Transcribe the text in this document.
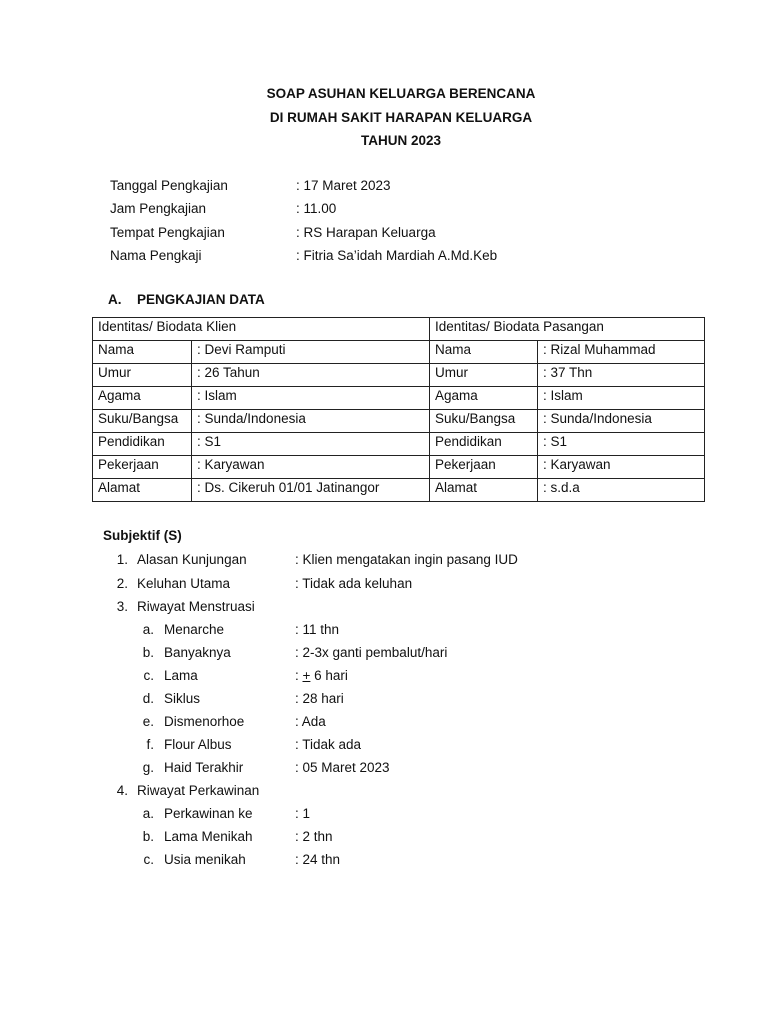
SOAP ASUHAN KELUARGA BERENCANA
DI RUMAH SAKIT HARAPAN KELUARGA
TAHUN 2023
Tanggal Pengkajian	: 17 Maret 2023
Jam Pengkajian	: 11.00
Tempat Pengkajian	: RS Harapan Keluarga
Nama Pengkaji	: Fitria Sa’idah Mardiah A.Md.Keb
A. PENGKAJIAN DATA
Identitas/ Biodata Klien		Identitas/ Biodata Pasangan	
Nama	: Devi Ramputi	Nama	: Rizal Muhammad
Umur	: 26 Tahun	Umur	: 37 Thn
Agama	: Islam	Agama	: Islam
Suku/Bangsa	: Sunda/Indonesia	Suku/Bangsa	: Sunda/Indonesia
Pendidikan	: S1	Pendidikan	: S1
Pekerjaan	: Karyawan	Pekerjaan	: Karyawan
Alamat	: Ds. Cikeruh 01/01 Jatinangor	Alamat	: s.d.a
Subjektif (S)
1. Alasan Kunjungan	: Klien mengatakan ingin pasang IUD
2. Keluhan Utama	: Tidak ada keluhan
3. Riwayat Menstruasi
a. Menarche	: 11 thn
b. Banyaknya	: 2-3x ganti pembalut/hari
c. Lama	: + 6 hari
d. Siklus	: 28 hari
e. Dismenorhoe	: Ada
f. Flour Albus	: Tidak ada
g. Haid Terakhir	: 05 Maret 2023
4. Riwayat Perkawinan
a. Perkawinan ke	: 1
b. Lama Menikah	: 2 thn
c. Usia menikah	: 24 thn
